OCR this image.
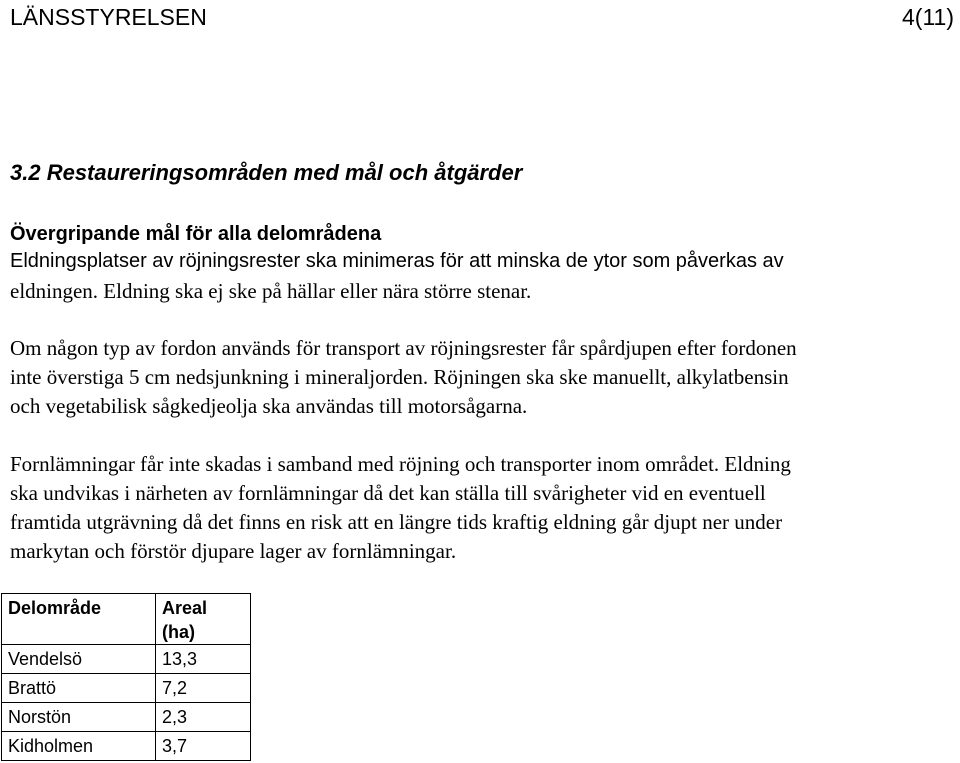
LÄNSSTYRELSEN	4(11)
3.2 Restaureringsområden med mål och åtgärder
Övergripande mål för alla delområdena
Eldningsplatser av röjningsrester ska minimeras för att minska de ytor som påverkas av
eldningen. Eldning ska ej ske på hällar eller nära större stenar.
Om någon typ av fordon används för transport av röjningsrester får spårdjupen efter fordonen
inte överstiga 5 cm nedsjunkning i mineraljorden. Röjningen ska ske manuellt, alkylatbensin
och vegetabilisk sågkedjeolja ska användas till motorsågarna.
Fornlämningar får inte skadas i samband med röjning och transporter inom området. Eldning
ska undvikas i närheten av fornlämningar då det kan ställa till svårigheter vid en eventuell
framtida utgrävning då det finns en risk att en längre tids kraftig eldning går djupt ner under
markytan och förstör djupare lager av fornlämningar.
Delområde	Areal
(ha)

Vendelsö	13,3
Brattö	7,2
Norstön	2,3
Kidholmen	3,7
